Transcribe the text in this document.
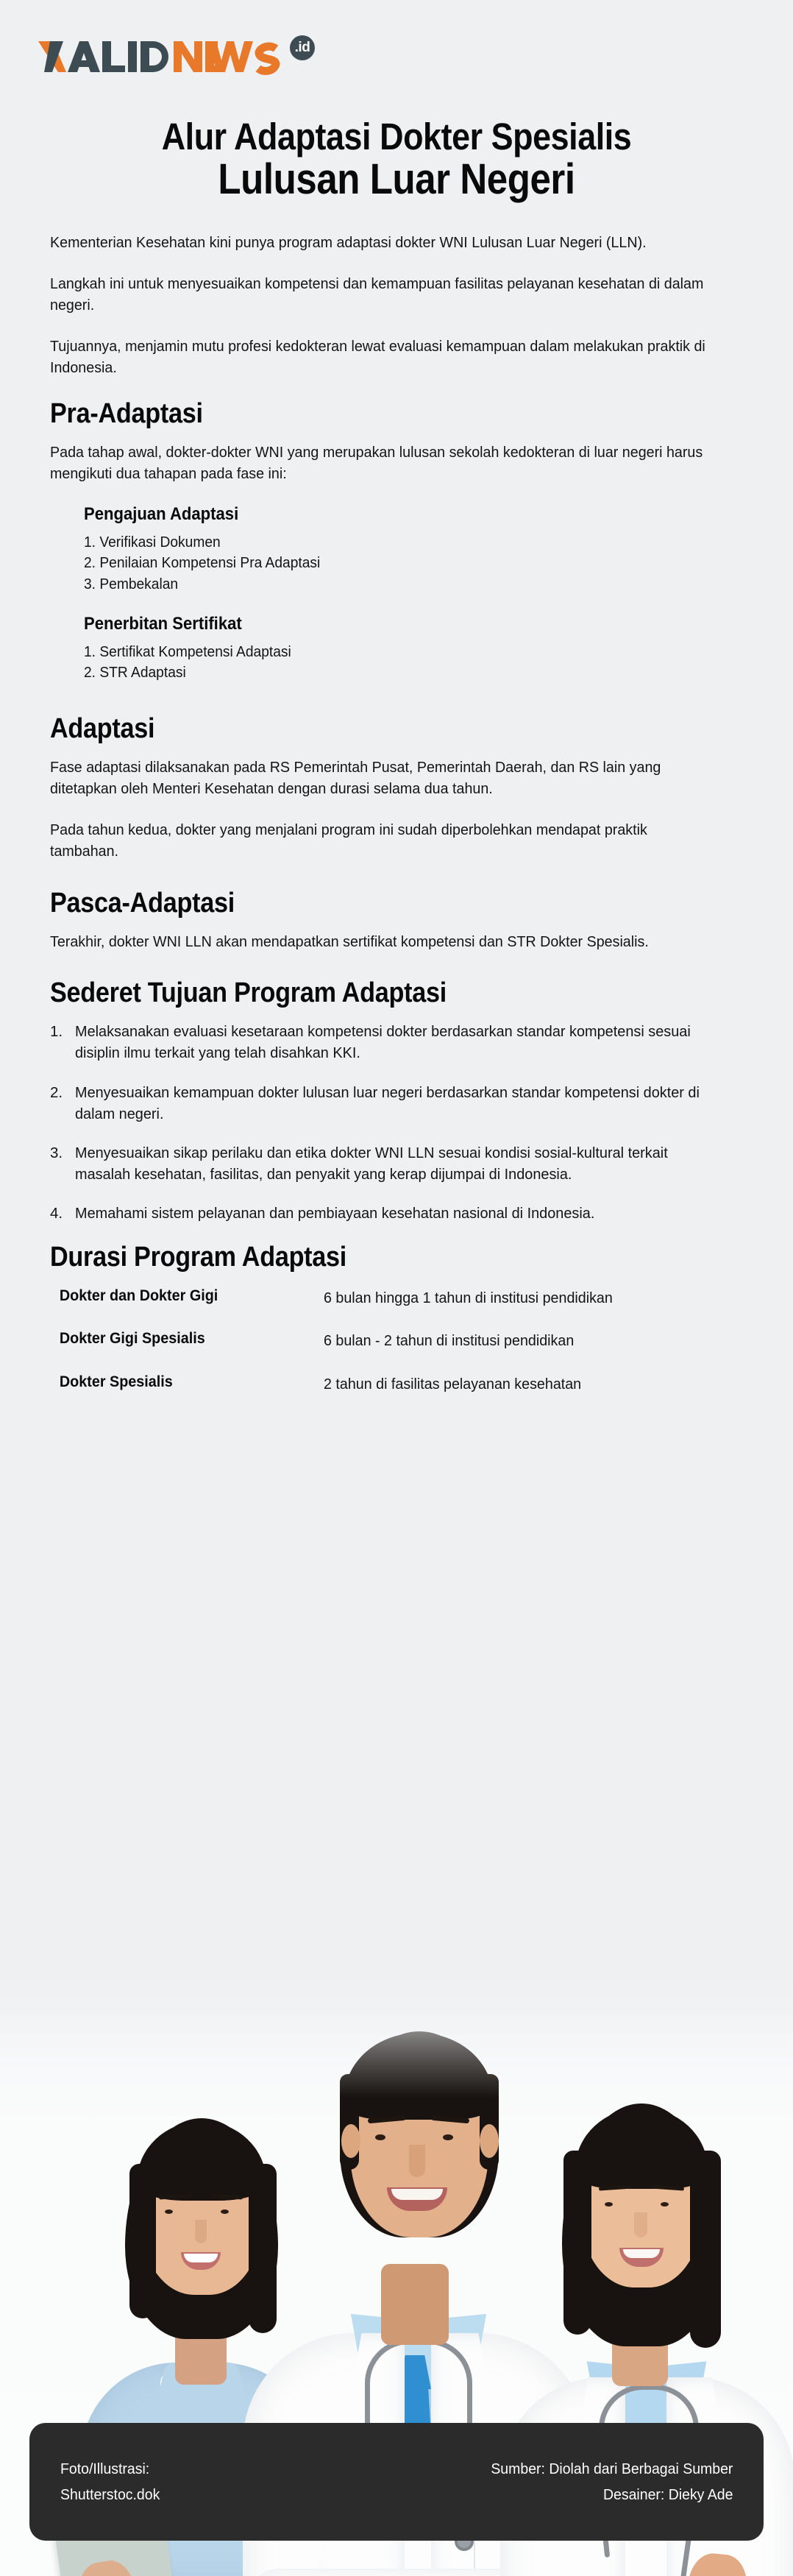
.id
Alur Adaptasi Dokter Spesialis
Lulusan Luar Negeri

Kementerian Kesehatan kini punya program adaptasi dokter WNI Lulusan Luar Negeri (LLN).

Langkah ini untuk menyesuaikan kompetensi dan kemampuan fasilitas pelayanan kesehatan di dalam negeri.

Tujuannya, menjamin mutu profesi kedokteran lewat evaluasi kemampuan dalam melakukan praktik di Indonesia.

Pra-Adaptasi

Pada tahap awal, dokter-dokter WNI yang merupakan lulusan sekolah kedokteran di luar negeri harus mengikuti dua tahapan pada fase ini:

Pengajuan Adaptasi
1. Verifikasi Dokumen
2. Penilaian Kompetensi Pra Adaptasi
3. Pembekalan
Penerbitan Sertifikat
1. Sertifikat Kompetensi Adaptasi
2. STR Adaptasi
Adaptasi

Fase adaptasi dilaksanakan pada RS Pemerintah Pusat, Pemerintah Daerah, dan RS lain yang ditetapkan oleh Menteri Kesehatan dengan durasi selama dua tahun.

Pada tahun kedua, dokter yang menjalani program ini sudah diperbolehkan mendapat praktik tambahan.

Pasca-Adaptasi

Terakhir, dokter WNI LLN akan mendapatkan sertifikat kompetensi dan STR Dokter Spesialis.

Sederet Tujuan Program Adaptasi
1. Melaksanakan evaluasi kesetaraan kompetensi dokter berdasarkan standar kompetensi sesuai disiplin ilmu terkait yang telah disahkan KKI.
2. Menyesuaikan kemampuan dokter lulusan luar negeri berdasarkan standar kompetensi dokter di dalam negeri.
3. Menyesuaikan sikap perilaku dan etika dokter WNI LLN sesuai kondisi sosial-kultural terkait masalah kesehatan, fasilitas, dan penyakit yang kerap dijumpai di Indonesia.
4. Memahami sistem pelayanan dan pembiayaan kesehatan nasional di Indonesia.
Durasi Program Adaptasi
Dokter dan Dokter Gigi	6 bulan hingga 1 tahun di institusi pendidikan
Dokter Gigi Spesialis	6 bulan - 2 tahun di institusi pendidikan
Dokter Spesialis	2 tahun di fasilitas pelayanan kesehatan
Foto/Illustrasi:
Shutterstoc.dok
Sumber: Diolah dari Berbagai Sumber
Desainer: Dieky Ade
